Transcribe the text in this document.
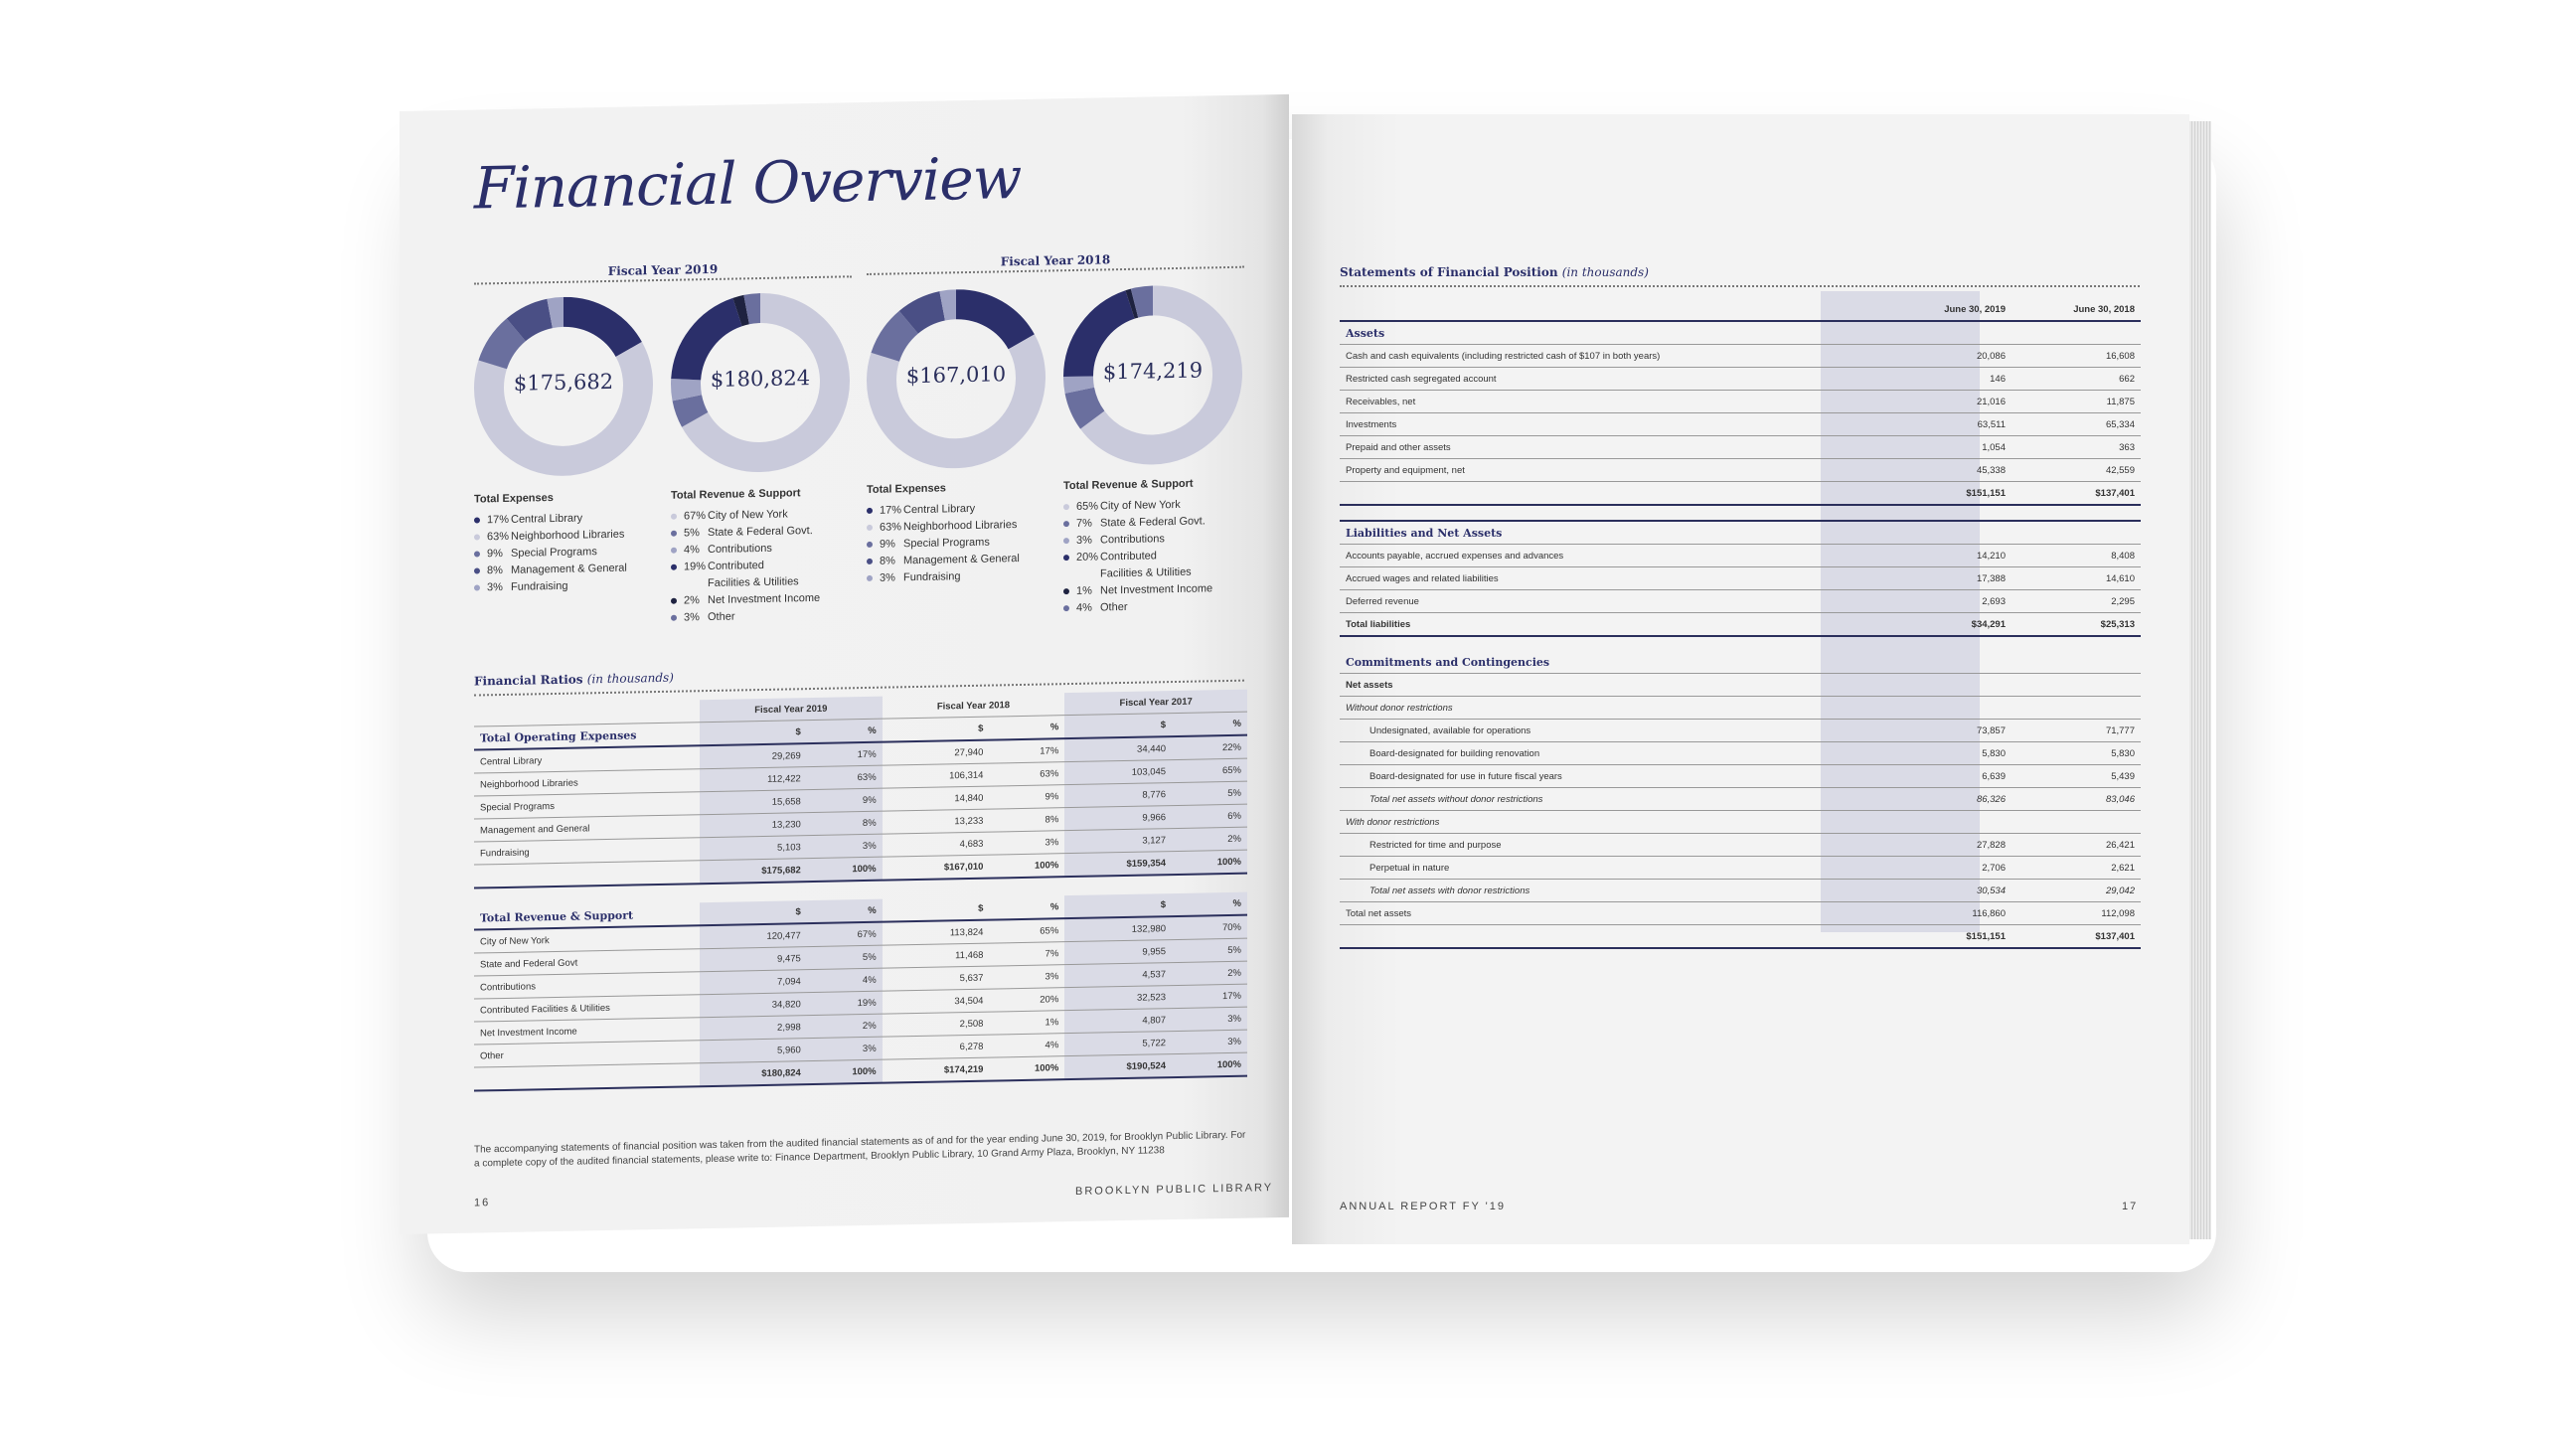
Financial Overview
Fiscal Year 2019
Fiscal Year 2018
$175,682	$180,824	$167,010	$174,219
Total Expenses
17% Central Library
63% Neighborhood Libraries
9% Special Programs
8% Management & General
3% Fundraising
Total Revenue & Support
67% City of New York
5% State & Federal Govt.
4% Contributions
19% Contributed
Facilities & Utilities
2% Net Investment Income
3% Other
Total Expenses
17% Central Library
63% Neighborhood Libraries
9% Special Programs
8% Management & General
3% Fundraising
Total Revenue & Support
65% City of New York
7% State & Federal Govt.
3% Contributions
20% Contributed
Facilities & Utilities
1% Net Investment Income
4% Other
Financial Ratios (in thousands)
	Fiscal Year 2019		Fiscal Year 2018		Fiscal Year 2017	
Total Operating Expenses	$	%	$	%	$	%
Central Library	29,269	17%	27,940	17%	34,440	22%
Neighborhood Libraries	112,422	63%	106,314	63%	103,045	65%
Special Programs	15,658	9%	14,840	9%	8,776	5%
Management and General	13,230	8%	13,233	8%	9,966	6%
Fundraising	5,103	3%	4,683	3%	3,127	2%
	$175,682	100%	$167,010	100%	$159,354	100%

Total Revenue & Support	$	%	$	%	$	%
City of New York	120,477	67%	113,824	65%	132,980	70%
State and Federal Govt	9,475	5%	11,468	7%	9,955	5%
Contributions	7,094	4%	5,637	3%	4,537	2%
Contributed Facilities & Utilities	34,820	19%	34,504	20%	32,523	17%
Net Investment Income	2,998	2%	2,508	1%	4,807	3%
Other	5,960	3%	6,278	4%	5,722	3%
	$180,824	100%	$174,219	100%	$190,524	100%
The accompanying statements of financial position was taken from the audited financial statements as of and for the year ending June 30, 2019, for Brooklyn Public Library. For a complete copy of the audited financial statements, please write to: Finance Department, Brooklyn Public Library, 10 Grand Army Plaza, Brooklyn, NY 11238
16
BROOKLYN PUBLIC LIBRARY
Statements of Financial Position (in thousands)
	June 30, 2019	June 30, 2018
Assets		
Cash and cash equivalents (including restricted cash of $107 in both years)	20,086	16,608
Restricted cash segregated account	146	662
Receivables, net	21,016	11,875
Investments	63,511	65,334
Prepaid and other assets	1,054	363
Property and equipment, net	45,338	42,559
	$151,151	$137,401

Liabilities and Net Assets		
Accounts payable, accrued expenses and advances	14,210	8,408
Accrued wages and related liabilities	17,388	14,610
Deferred revenue	2,693	2,295
Total liabilities	$34,291	$25,313

Commitments and Contingencies		
Net assets		
Without donor restrictions		
Undesignated, available for operations	73,857	71,777
Board-designated for building renovation	5,830	5,830
Board-designated for use in future fiscal years	6,639	5,439
Total net assets without donor restrictions	86,326	83,046
With donor restrictions		
Restricted for time and purpose	27,828	26,421
Perpetual in nature	2,706	2,621
Total net assets with donor restrictions	30,534	29,042
Total net assets	116,860	112,098
	$151,151	$137,401
ANNUAL REPORT FY '19	17
